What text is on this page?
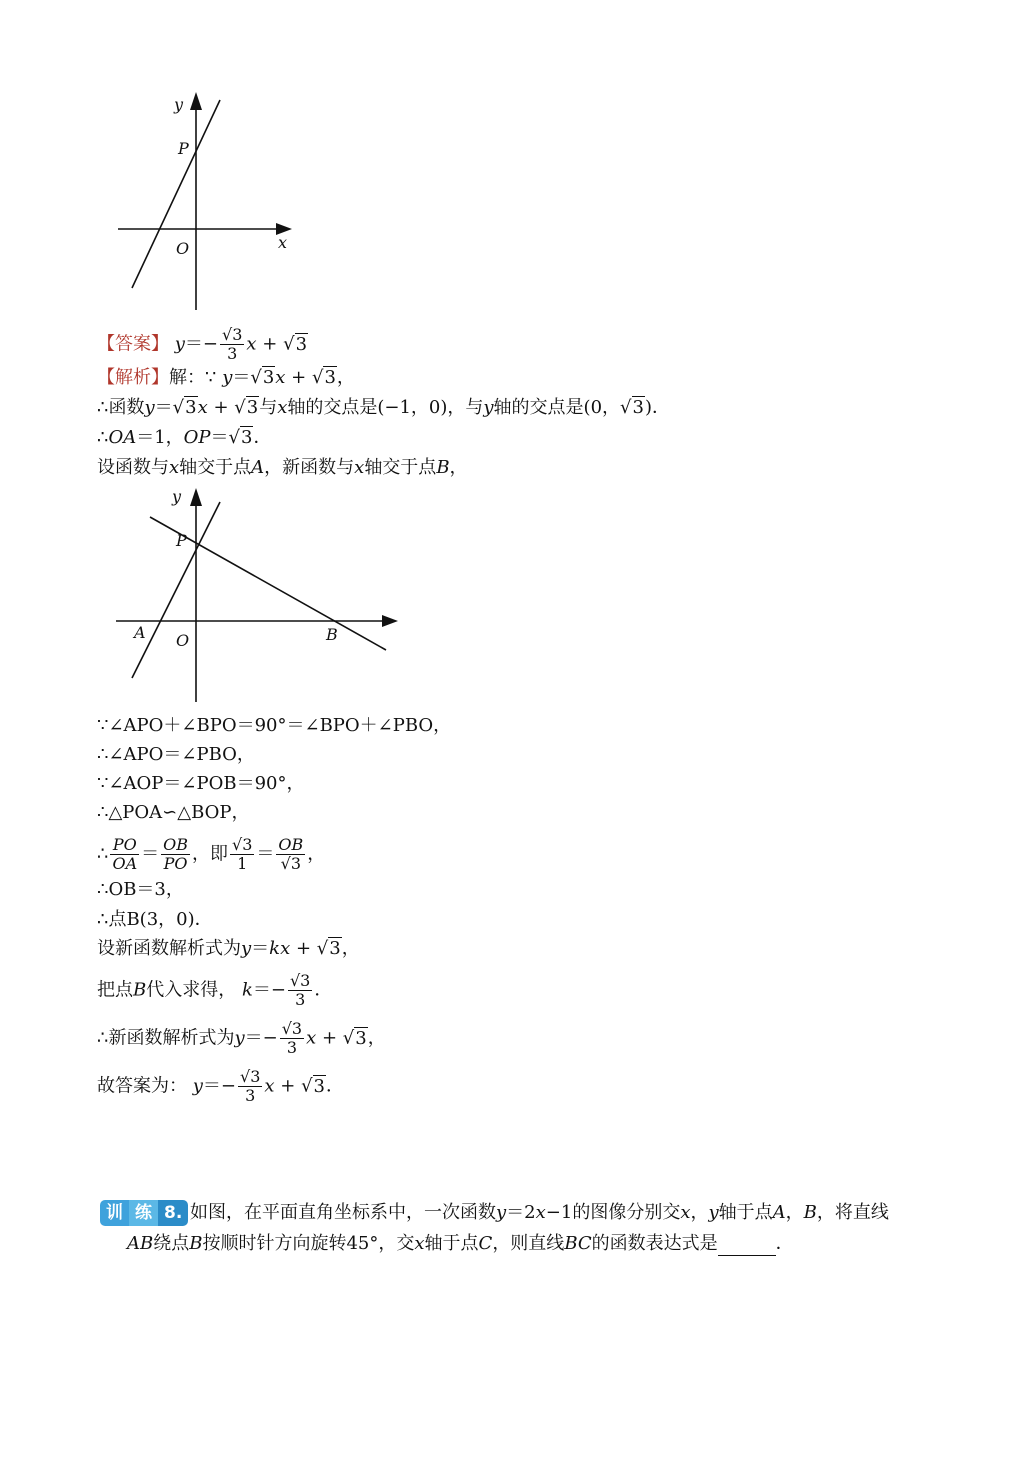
y
x
P
O
【答案】 $y=- \frac{√3}{3}$ x + √3
【解析】解：∵ y＝√3x + √3，
∴函数y＝√3x + √3与x轴的交点是(−1，0)，与y轴的交点是(0，√3)．
∴OA＝1，OP＝√3．
设函数与x轴交于点A，新函数与x轴交于点B，
y
P
A O	B
∵∠APO＋∠BPO＝90°＝∠BPO＋∠PBO，
∴∠APO＝∠PBO，
∵∠AOP＝∠POB＝90°，
∴△POA∽△BOP，
∴ $\frac{PO}{OA} = \frac{OB}{PO}$ ，即 $\frac{√3}{1} = \frac{OB}{√3}$ ，
∴OB＝3，
∴点B(3，0)．
设新函数解析式为y＝kx + √3，
把点B代入求得， $k=- \frac{√3}{3}$ ．
∴新函数解析式为$y=- \frac{√3}{3}$ x + √3，
故答案为： $y=- \frac{√3}{3}$ x + √3．
训 练 8. 如图，在平面直角坐标系中，一次函数y＝2x−1的图像分别交x，y轴于点A，B，将直线
AB绕点B按顺时针方向旋转45°，交x轴于点C，则直线BC的函数表达式是	．
